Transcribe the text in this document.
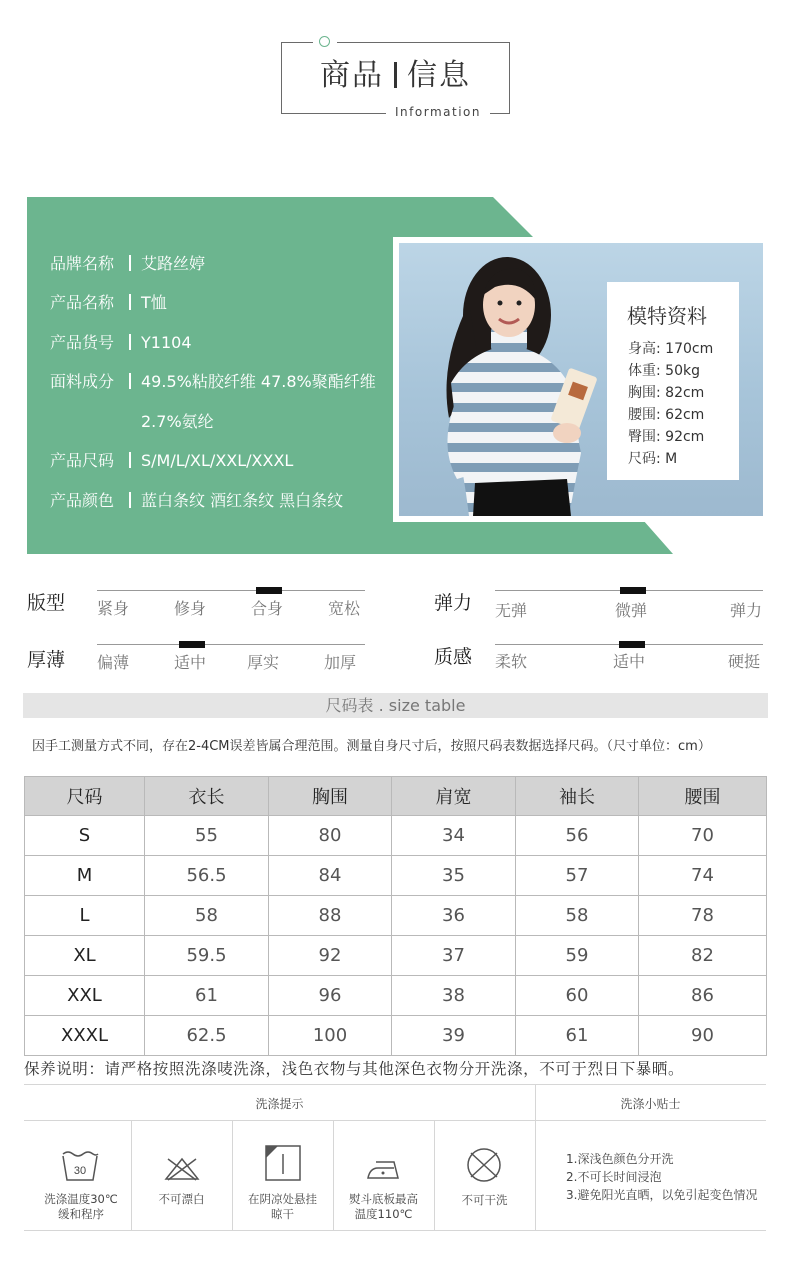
商品 信息
Information
品牌名称 艾路丝婷
产品名称 T恤
产品货号 Y1104
面料成分 49.5%粘胶纤维 47.8%聚酯纤维
2.7%氨纶
产品尺码 S/M/L/XL/XXL/XXXL
产品颜色 蓝白条纹 酒红条纹 黑白条纹
模特资料
身高: 170cm
体重: 50kg
胸围: 82cm
腰围: 62cm
臀围: 92cm
尺码: M
版型 紧身	修身	合身	宽松	弹力 无弹	微弹	弹力
厚薄 偏薄	适中	厚实	加厚	质感 柔软	适中	硬挺
尺码表 . size table
因手工测量方式不同，存在2-4CM误差皆属合理范围。测量自身尺寸后，按照尺码表数据选择尺码。（尺寸单位：cm）
尺码	衣长	胸围	肩宽	袖长	腰围
S	55	80	34	56	70
M	56.5	84	35	57	74
L	58	88	36	58	78
XL	59.5	92	37	59	82
XXL	61	96	38	60	86
XXXL	62.5	100	39	61	90
保养说明：请严格按照洗涤唛洗涤，浅色衣物与其他深色衣物分开洗涤，不可于烈日下暴晒。
洗涤提示	洗涤小贴士
30
洗涤温度30℃
缓和程序
不可漂白	在阴凉处悬挂
晾干
熨斗底板最高
温度110℃
不可干洗
1.深浅色颜色分开洗
2.不可长时间浸泡
3.避免阳光直晒，以免引起变色情况
